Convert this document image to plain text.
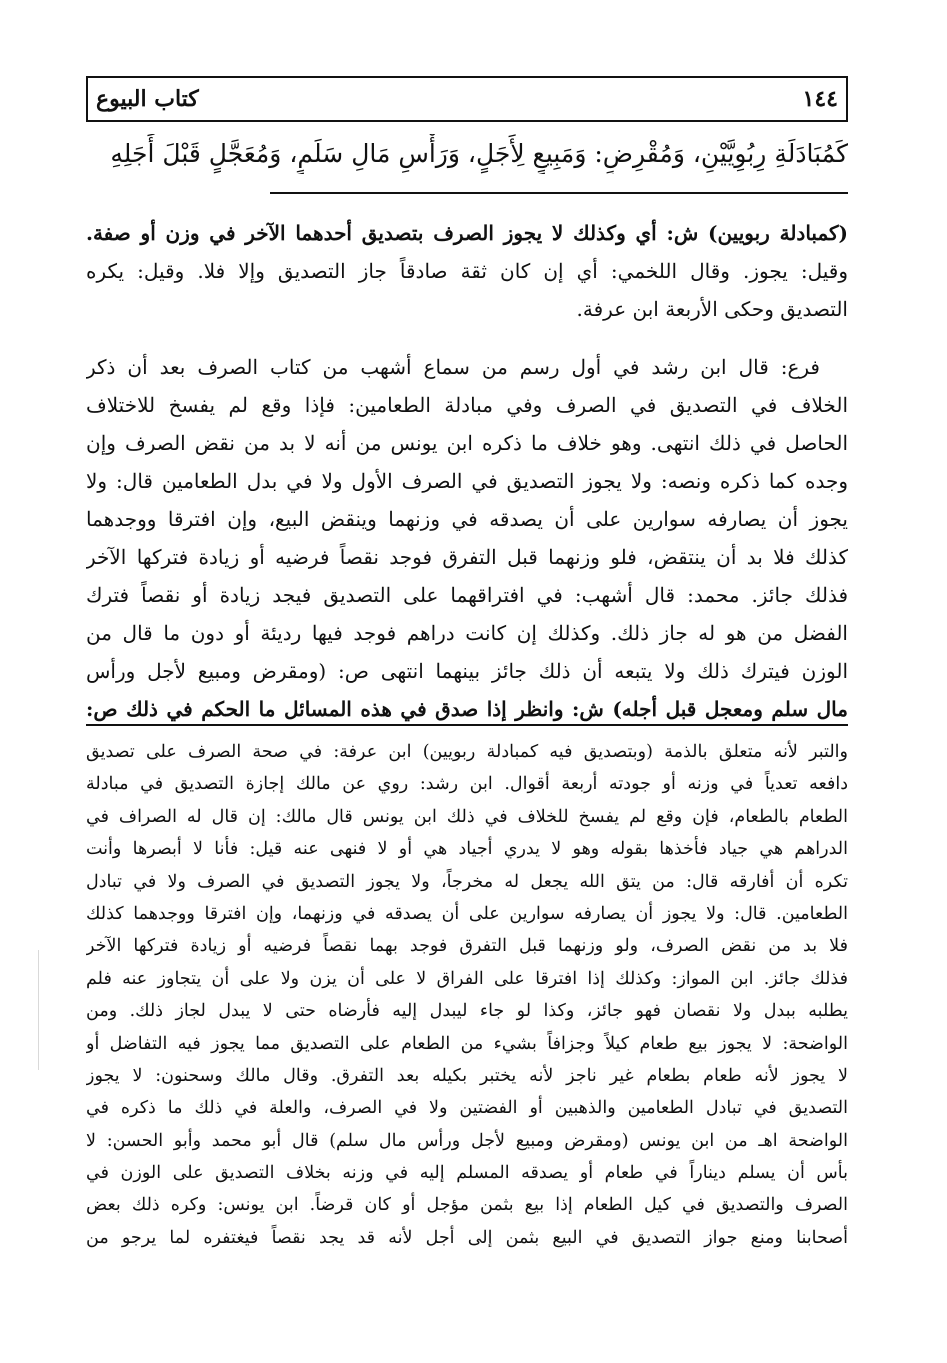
١٤٤
كتاب البيوع
كَمُبَادَلَةِ رِبُوِيَّيْنِ، وَمُقْرِضٍ: وَمَبِيعٍ لِأَجَلٍ، وَرَأْسِ مَالِ سَلَمٍ، وَمُعَجَّلٍ قَبْلَ أَجَلِهِ
(كمبادلة ربويين) ش: أي وكذلك لا يجوز الصرف بتصديق أحدهما الآخر في وزن أو صفة.
وقيل: يجوز. وقال اللخمي: أي إن كان ثقة صادقاً جاز التصديق وإلا فلا. وقيل: يكره
التصديق وحكى الأربعة ابن عرفة.
فرع: قال ابن رشد في أول رسم من سماع أشهب من كتاب الصرف بعد أن ذكر
الخلاف في التصديق في الصرف وفي مبادلة الطعامين: فإذا وقع لم يفسخ للاختلاف
الحاصل في ذلك انتهى. وهو خلاف ما ذكره ابن يونس من أنه لا بد من نقض الصرف وإن
وجده كما ذكره ونصه: ولا يجوز التصديق في الصرف الأول ولا في بدل الطعامين قال: ولا
يجوز أن يصارفه سوارين على أن يصدقه في وزنهما وينقض البيع، وإن افترقا ووجدهما
كذلك فلا بد أن ينتقض، فلو وزنهما قبل التفرق فوجد نقصاً فرضيه أو زيادة فتركها الآخر
فذلك جائز. محمد: قال أشهب: في افتراقهما على التصديق فيجد زيادة أو نقصاً فترك
الفضل من هو له جاز ذلك. وكذلك إن كانت دراهم فوجد فيها رديئة أو دون ما قال من
الوزن فيترك ذلك ولا يتبعه أن ذلك جائز بينهما انتهى ص: (ومقرض ومبيع لأجل ورأس
مال سلم ومعجل قبل أجله) ش: وانظر إذا صدق في هذه المسائل ما الحكم في ذلك ص:
والتبر لأنه متعلق بالذمة (وبتصديق فيه كمبادلة ربويين) ابن عرفة: في صحة الصرف على تصديق
دافعه تعدياً في وزنه أو جودته أربعة أقوال. ابن رشد: روي عن مالك إجازة التصديق في مبادلة
الطعام بالطعام، فإن وقع لم يفسخ للخلاف في ذلك ابن يونس قال مالك: إن قال له الصراف في
الدراهم هي جياد فأخذها بقوله وهو لا يدري أجياد هي أو لا فنهى عنه قيل: فأنا لا أبصرها وأنت
تكره أن أفارقه قال: من يتق الله يجعل له مخرجاً، ولا يجوز التصديق في الصرف ولا في تبادل
الطعامين. قال: ولا يجوز أن يصارفه سوارين على أن يصدقه في وزنهما، وإن افترقا ووجدهما كذلك
فلا بد من نقض الصرف، ولو وزنهما قبل التفرق فوجد بهما نقصاً فرضيه أو زيادة فتركها الآخر
فذلك جائز. ابن المواز: وكذلك إذا افترقا على الفراق لا على أن يزن ولا على أن يتجاوز عنه فلم
يطلبه ببدل ولا نقصان فهو جائز، وكذا لو جاء ليبدل إليه فأرضاه حتى لا يبدل لجاز ذلك. ومن
الواضحة: لا يجوز بيع طعام كيلاً وجزافاً بشيء من الطعام على التصديق مما يجوز فيه التفاضل أو
لا يجوز لأنه طعام بطعام غير ناجز لأنه يختبر بكيله بعد التفرق. وقال مالك وسحنون: لا يجوز
التصديق في تبادل الطعامين والذهبين أو الفضتين ولا في الصرف، والعلة في ذلك ما ذكره في
الواضحة اهـ من ابن يونس (ومقرض ومبيع لأجل ورأس مال سلم) قال أبو محمد وأبو الحسن: لا
بأس أن يسلم ديناراً في طعام أو يصدقه المسلم إليه في وزنه بخلاف التصديق على الوزن في
الصرف والتصديق في كيل الطعام إذا بيع بثمن مؤجل أو كان قرضاً. ابن يونس: وكره ذلك بعض
أصحابنا ومنع جواز التصديق في البيع بثمن إلى أجل لأنه قد يجد نقصاً فيغتفره لما يرجو من
